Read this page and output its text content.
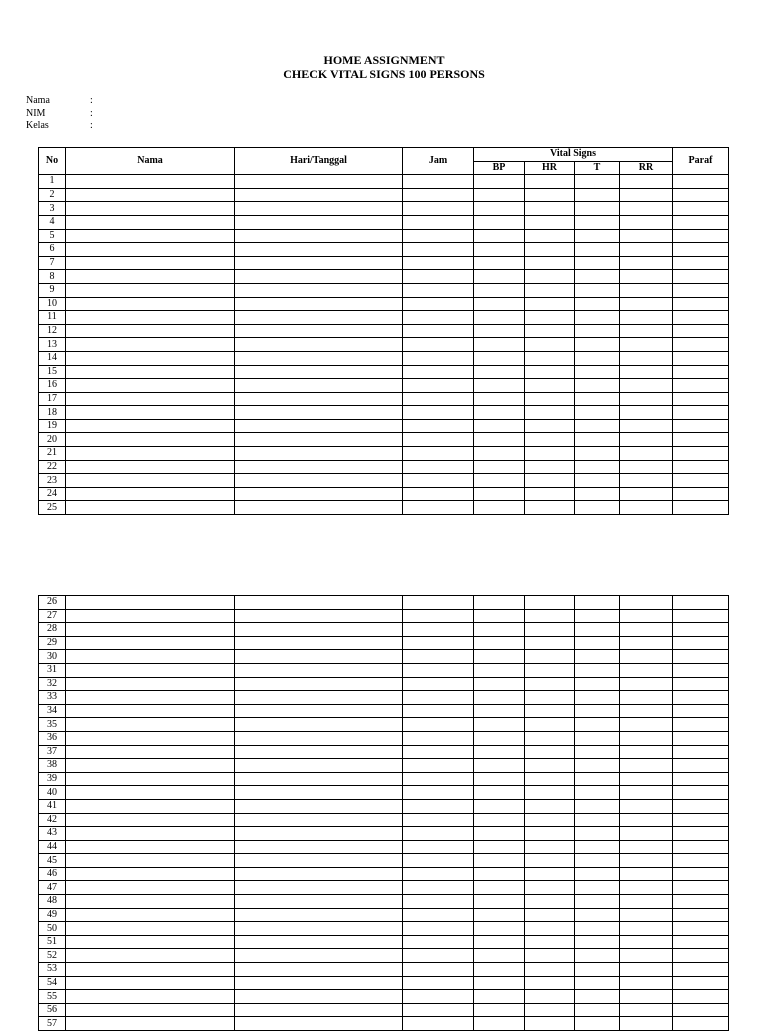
HOME ASSIGNMENT
CHECK VITAL SIGNS 100 PERSONS
Nama	:
NIM	:
Kelas	:
No	Nama	Hari/Tanggal	Jam	Vital Signs				Paraf
				BP	HR	T	RR	
1								
2								
3								
4								
5								
6								
7								
8								
9								
10								
11								
12								
13								
14								
15								
16								
17								
18								
19								
20								
21								
22								
23								
24								
25								
26								
27								
28								
29								
30								
31								
32								
33								
34								
35								
36								
37								
38								
39								
40								
41								
42								
43								
44								
45								
46								
47								
48								
49								
50								
51								
52								
53								
54								
55								
56								
57								
